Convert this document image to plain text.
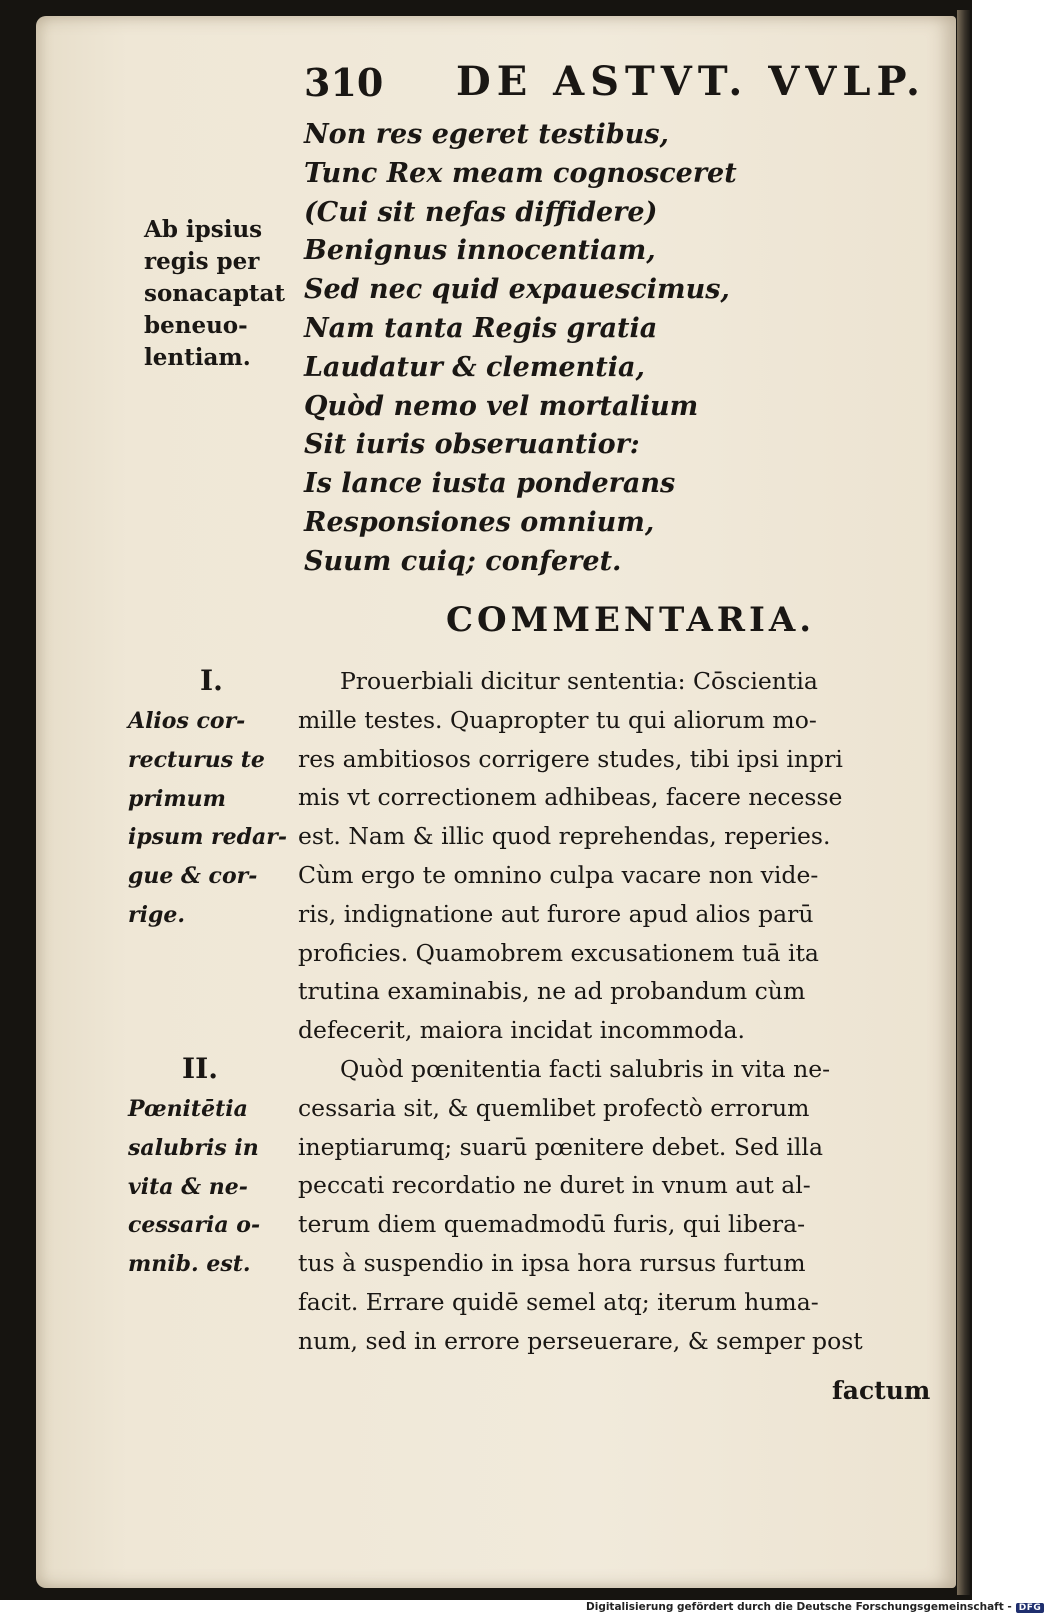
310 DE ASTVT. VVLP.
Ab ipsius
regis per
sonacaptat
beneuo-
lentiam.
Non res egeret testibus,
Tunc Rex meam cognosceret
(Cui sit nefas diffidere)
Benignus innocentiam,
Sed nec quid expauescimus,
Nam tanta Regis gratia
Laudatur & clementia,
Quòd nemo vel mortalium
Sit iuris obseruantior:
Is lance iusta ponderans
Responsiones omnium,
Suum cuiq; conferet.
COMMENTARIA.
I.
Alios cor-
recturus te
primum
ipsum redar-
gue & cor-
rige.
Prouerbiali dicitur sententia: Cōscientia
mille testes. Quapropter tu qui aliorum mo-
res ambitiosos corrigere studes, tibi ipsi inpri
mis vt correctionem adhibeas, facere necesse
est. Nam & illic quod reprehendas, reperies.
Cùm ergo te omnino culpa vacare non vide-
ris, indignatione aut furore apud alios parū
proficies. Quamobrem excusationem tuā ita
trutina examinabis, ne ad probandum cùm
defecerit, maiora incidat incommoda.
II.
Pœnitētia
salubris in
vita & ne-
cessaria o-
mnib. est.
Quòd pœnitentia facti salubris in vita ne-
cessaria sit, & quemlibet profectò errorum
ineptiarumq; suarū pœnitere debet. Sed illa
peccati recordatio ne duret in vnum aut al-
terum diem quemadmodū furis, qui libera-
tus à suspendio in ipsa hora rursus furtum
facit. Errare quidē semel atq; iterum huma-
num, sed in errore perseuerare, & semper post
factum
Digitalisierung gefördert durch die Deutsche Forschungsgemeinschaft - DFG
